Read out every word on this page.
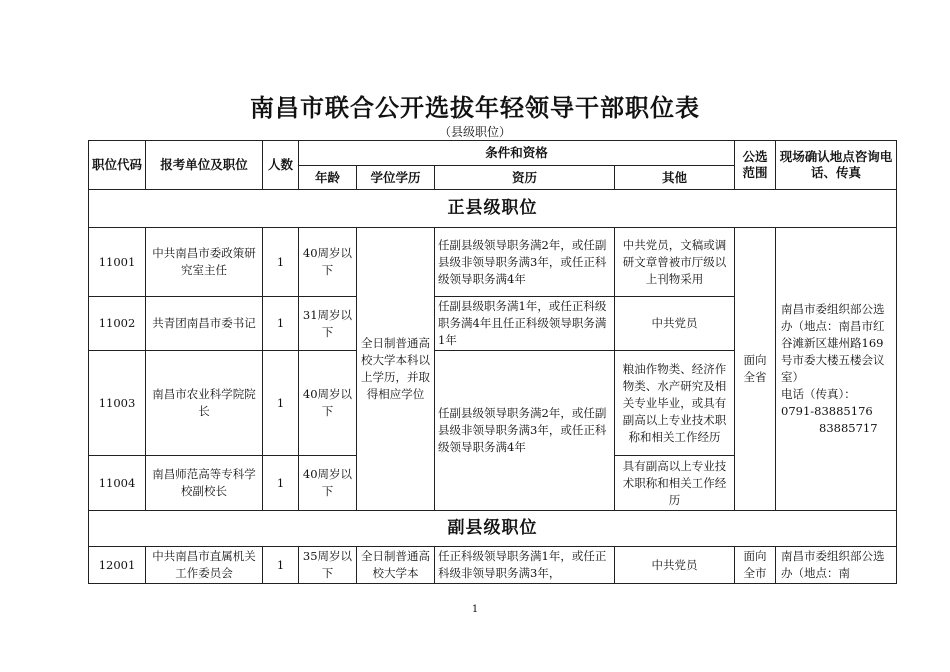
南昌市联合公开选拔年轻领导干部职位表
（县级职位）
职位代码	报考单位及职位	人数	条件和资格				公选范围	现场确认地点咨询电话、传真
			年龄	学位学历	资历	其他		
正县级职位								
11001	中共南昌市委政策研究室主任	1	40周岁以下	全日制普通高校大学本科以上学历，并取得相应学位	任副县级领导职务满2年，或任副县级非领导职务满3年，或任正科级领导职务满4年	中共党员，文稿或调研文章曾被市厅级以上刊物采用	面向全省	南昌市委组织部公选办（地点：南昌市红谷滩新区雄州路169号市委大楼五楼会议室）
电话（传真）：
0791-83885176
83885717

11002	共青团南昌市委书记	1	31周岁以下		任副县级职务满1年，或任正科级职务满4年且任正科级领导职务满1年	中共党员		
11003	南昌市农业科学院院长	1	40周岁以下		任副县级领导职务满2年，或任副县级非领导职务满3年，或任正科级领导职务满4年	粮油作物类、经济作物类、水产研究及相关专业毕业，或具有副高以上专业技术职称和相关工作经历		
11004	南昌师范高等专科学校副校长	1	40周岁以下			具有副高以上专业技术职称和相关工作经历		
副县级职位								
12001	中共南昌市直属机关工作委员会	1	35周岁以下	全日制普通高校大学本	任正科级领导职务满1年，或任正科级非领导职务满3年，	中共党员	面向全市	南昌市委组织部公选办（地点：南
1
